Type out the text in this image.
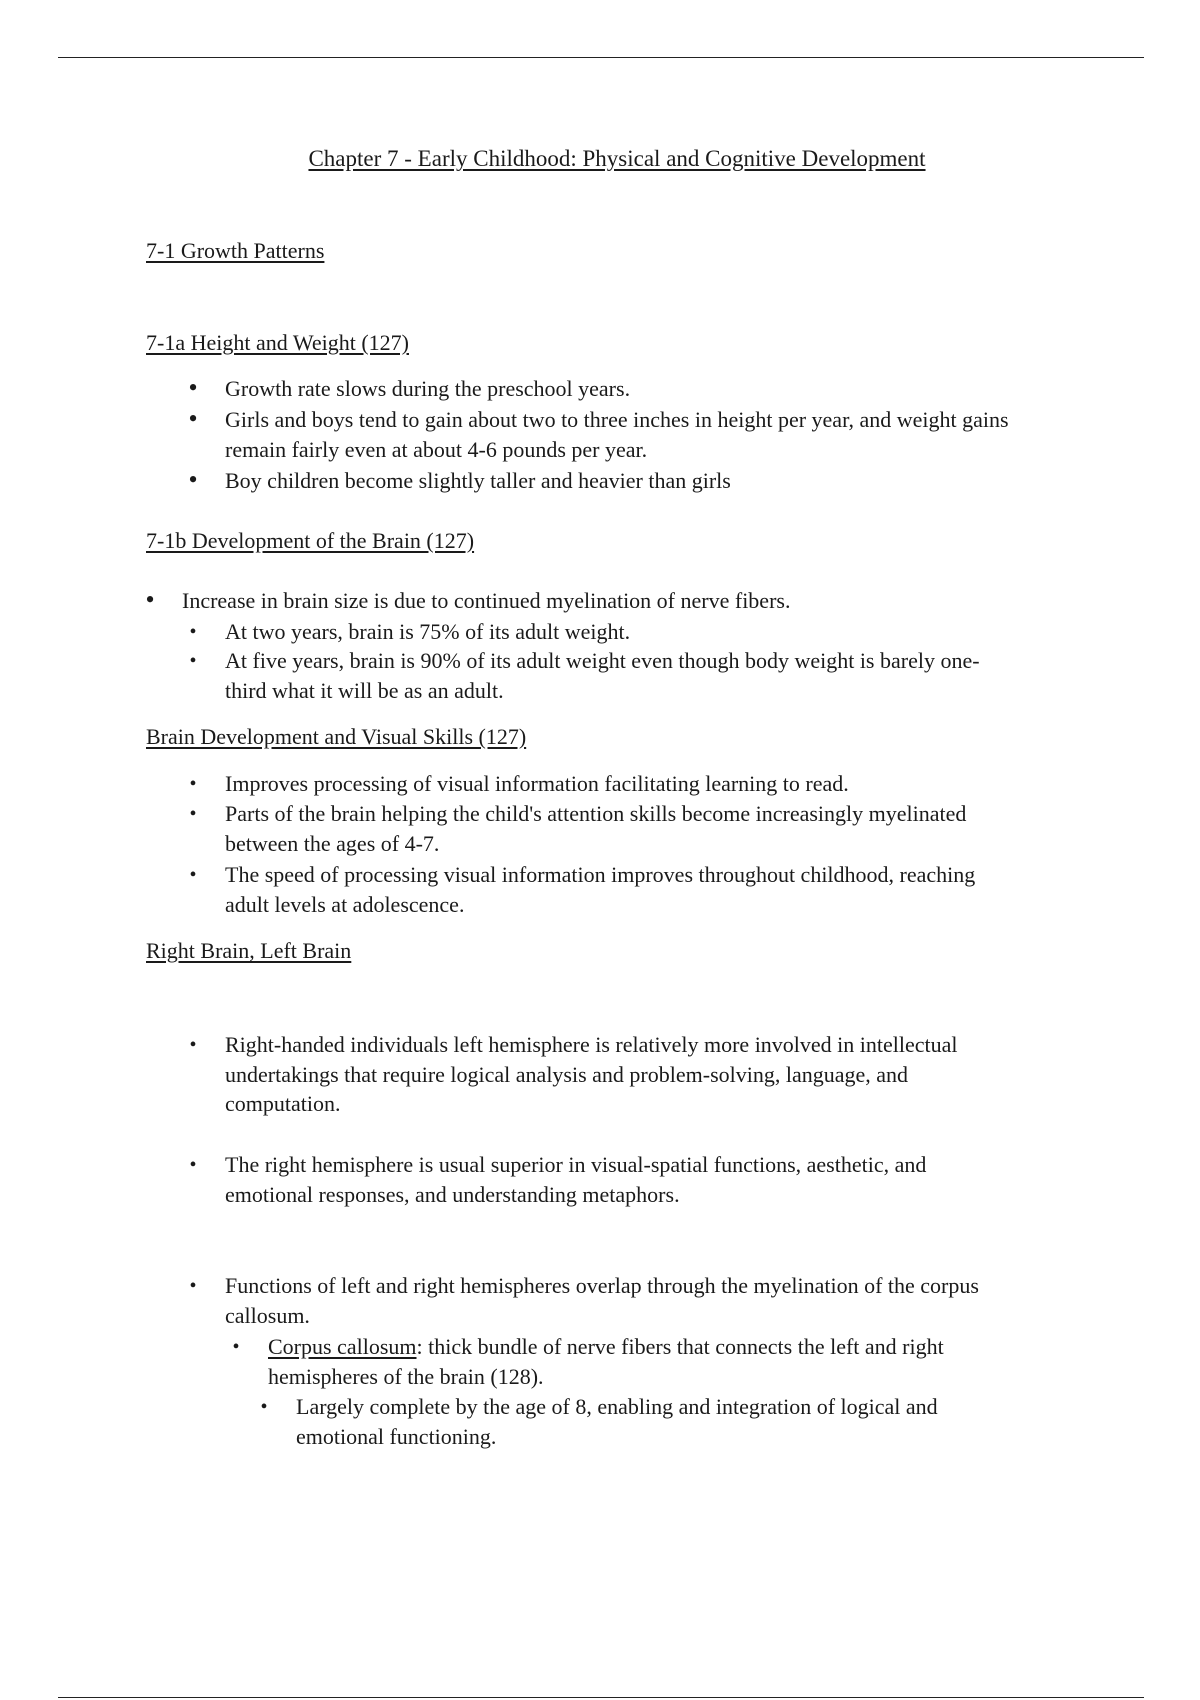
Chapter 7 - Early Childhood: Physical and Cognitive Development
7-1 Growth Patterns
7-1a Height and Weight (127)
• Growth rate slows during the preschool years.
• Girls and boys tend to gain about two to three inches in height per year, and weight gains
remain fairly even at about 4-6 pounds per year.
• Boy children become slightly taller and heavier than girls
7-1b Development of the Brain (127)
• Increase in brain size is due to continued myelination of nerve fibers.
• At two years, brain is 75% of its adult weight.
• At five years, brain is 90% of its adult weight even though body weight is barely one-
third what it will be as an adult.
Brain Development and Visual Skills (127)
• Improves processing of visual information facilitating learning to read.
• Parts of the brain helping the child's attention skills become increasingly myelinated
between the ages of 4-7.
• The speed of processing visual information improves throughout childhood, reaching
adult levels at adolescence.
Right Brain, Left Brain
• Right-handed individuals left hemisphere is relatively more involved in intellectual
undertakings that require logical analysis and problem-solving, language, and
computation.
• The right hemisphere is usual superior in visual-spatial functions, aesthetic, and
emotional responses, and understanding metaphors.
• Functions of left and right hemispheres overlap through the myelination of the corpus
callosum.
• Corpus callosum: thick bundle of nerve fibers that connects the left and right
hemispheres of the brain (128).
• Largely complete by the age of 8, enabling and integration of logical and
emotional functioning.
